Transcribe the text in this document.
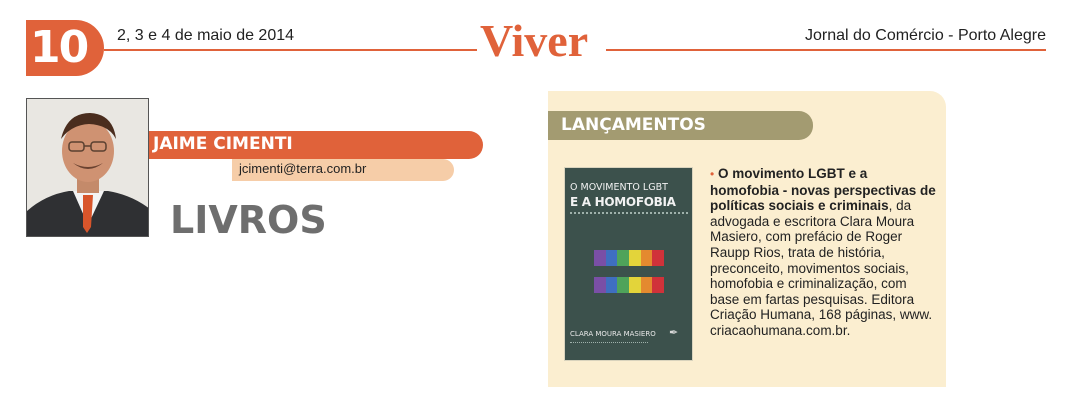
10	2, 3 e 4 de maio de 2014	Viver	Jornal do Comércio - Porto Alegre
JAIME CIMENTI
jcimenti@terra.com.br
LIVROS
LANÇAMENTOS
O MOVIMENTO LGBT
E A HOMOFOBIA
CLARA MOURA MASIERO ✒
• O movimento LGBT e a homofobia - novas perspectivas de políticas sociais e criminais, da advogada e escritora Clara Moura Masiero, com prefácio de Roger Raupp Rios, trata de história, preconceito, movimentos sociais, homofobia e criminalização, com base em fartas pesquisas. Editora Criação Humana, 168 páginas, www. criacaohumana.com.br.
